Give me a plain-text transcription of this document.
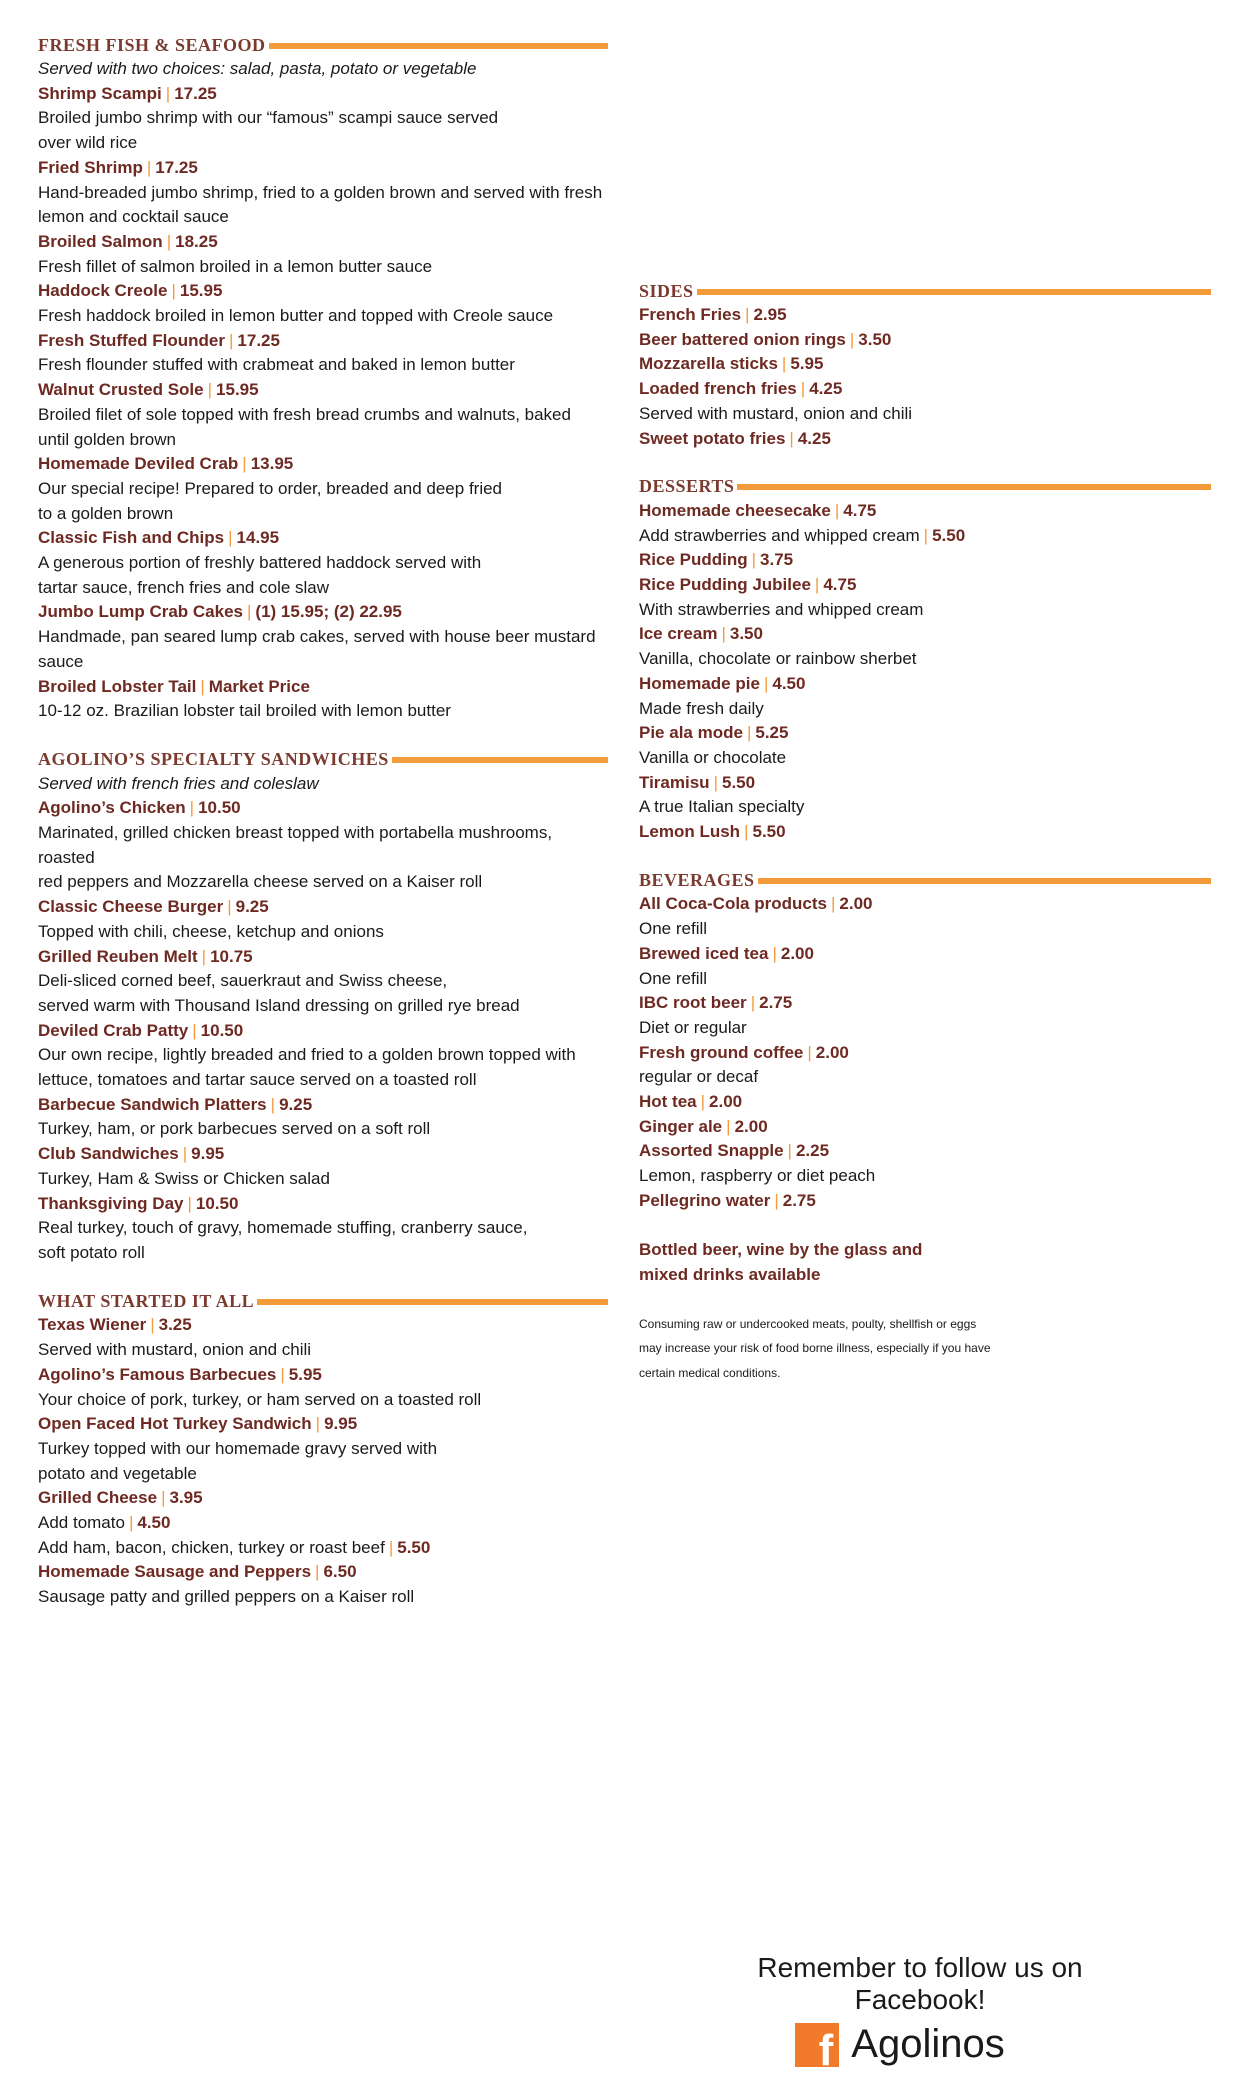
FRESH FISH & SEAFOOD
Served with two choices: salad, pasta, potato or vegetable
Shrimp Scampi | 17.25
Broiled jumbo shrimp with our “famous” scampi sauce served
over wild rice
Fried Shrimp | 17.25
Hand-breaded jumbo shrimp, fried to a golden brown and served with fresh
lemon and cocktail sauce
Broiled Salmon | 18.25
Fresh fillet of salmon broiled in a lemon butter sauce
Haddock Creole | 15.95
Fresh haddock broiled in lemon butter and topped with Creole sauce
Fresh Stuffed Flounder | 17.25
Fresh flounder stuffed with crabmeat and baked in lemon butter
Walnut Crusted Sole | 15.95
Broiled filet of sole topped with fresh bread crumbs and walnuts, baked
until golden brown
Homemade Deviled Crab | 13.95
Our special recipe! Prepared to order, breaded and deep fried
to a golden brown
Classic Fish and Chips | 14.95
A generous portion of freshly battered haddock served with
tartar sauce, french fries and cole slaw
Jumbo Lump Crab Cakes | (1) 15.95; (2) 22.95
Handmade, pan seared lump crab cakes, served with house beer mustard
sauce
Broiled Lobster Tail | Market Price
10-12 oz. Brazilian lobster tail broiled with lemon butter
AGOLINO’S SPECIALTY SANDWICHES
Served with french fries and coleslaw
Agolino’s Chicken | 10.50
Marinated, grilled chicken breast topped with portabella mushrooms, roasted
red peppers and Mozzarella cheese served on a Kaiser roll
Classic Cheese Burger | 9.25
Topped with chili, cheese, ketchup and onions
Grilled Reuben Melt | 10.75
Deli-sliced corned beef, sauerkraut and Swiss cheese,
served warm with Thousand Island dressing on grilled rye bread
Deviled Crab Patty | 10.50
Our own recipe, lightly breaded and fried to a golden brown topped with
lettuce, tomatoes and tartar sauce served on a toasted roll
Barbecue Sandwich Platters | 9.25
Turkey, ham, or pork barbecues served on a soft roll
Club Sandwiches | 9.95
Turkey, Ham & Swiss or Chicken salad
Thanksgiving Day | 10.50
Real turkey, touch of gravy, homemade stuffing, cranberry sauce,
soft potato roll
WHAT STARTED IT ALL
Texas Wiener | 3.25
Served with mustard, onion and chili
Agolino’s Famous Barbecues | 5.95
Your choice of pork, turkey, or ham served on a toasted roll
Open Faced Hot Turkey Sandwich | 9.95
Turkey topped with our homemade gravy served with
potato and vegetable
Grilled Cheese | 3.95
Add tomato | 4.50
Add ham, bacon, chicken, turkey or roast beef | 5.50
Homemade Sausage and Peppers | 6.50
Sausage patty and grilled peppers on a Kaiser roll
SIDES
French Fries | 2.95
Beer battered onion rings | 3.50
Mozzarella sticks | 5.95
Loaded french fries | 4.25
Served with mustard, onion and chili
Sweet potato fries | 4.25
DESSERTS
Homemade cheesecake | 4.75
Add strawberries and whipped cream | 5.50
Rice Pudding | 3.75
Rice Pudding Jubilee | 4.75
With strawberries and whipped cream
Ice cream | 3.50
Vanilla, chocolate or rainbow sherbet
Homemade pie | 4.50
Made fresh daily
Pie ala mode | 5.25
Vanilla or chocolate
Tiramisu | 5.50
A true Italian specialty
Lemon Lush | 5.50
BEVERAGES
All Coca-Cola products | 2.00
One refill
Brewed iced tea | 2.00
One refill
IBC root beer | 2.75
Diet or regular
Fresh ground coffee | 2.00
regular or decaf
Hot tea | 2.00
Ginger ale | 2.00
Assorted Snapple | 2.25
Lemon, raspberry or diet peach
Pellegrino water | 2.75
Bottled beer, wine by the glass and
mixed drinks available
Consuming raw or undercooked meats, poulty, shellfish or eggs
may increase your risk of food borne illness, especially if you have
certain medical conditions.
Remember to follow us on Facebook!
f Agolinos
